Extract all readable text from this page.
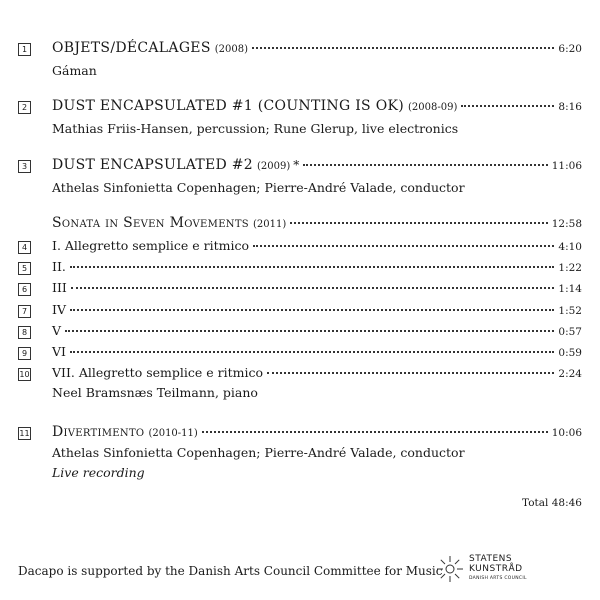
1 OBJETS/DÉCALAGES (2008)	6:20
Gáman
2 DUST ENCAPSULATED #1 (COUNTING IS OK) (2008-09)	8:16
Mathias Friis-Hansen, percussion; Rune Glerup, live electronics
3 DUST ENCAPSULATED #2 (2009) *	11:06
Athelas Sinfonietta Copenhagen; Pierre-André Valade, conductor
Sonata in Seven Movements (2011)	12:58
4	I. Allegretto semplice e ritmico	4:10
5	II.	1:22
6	III	1:14
7	IV	1:52
8	V	0:57
9	VI	0:59
10 VII. Allegretto semplice e ritmico	2:24
Neel Bramsnæs Teilmann, piano
11 Divertimento (2010-11)	10:06
Athelas Sinfonietta Copenhagen; Pierre-André Valade, conductor
Live recording
Total 48:46
Dacapo is supported by the Danish Arts Council Committee for Music
STATENS
KUNSTRÅD
DANISH ARTS COUNCIL
